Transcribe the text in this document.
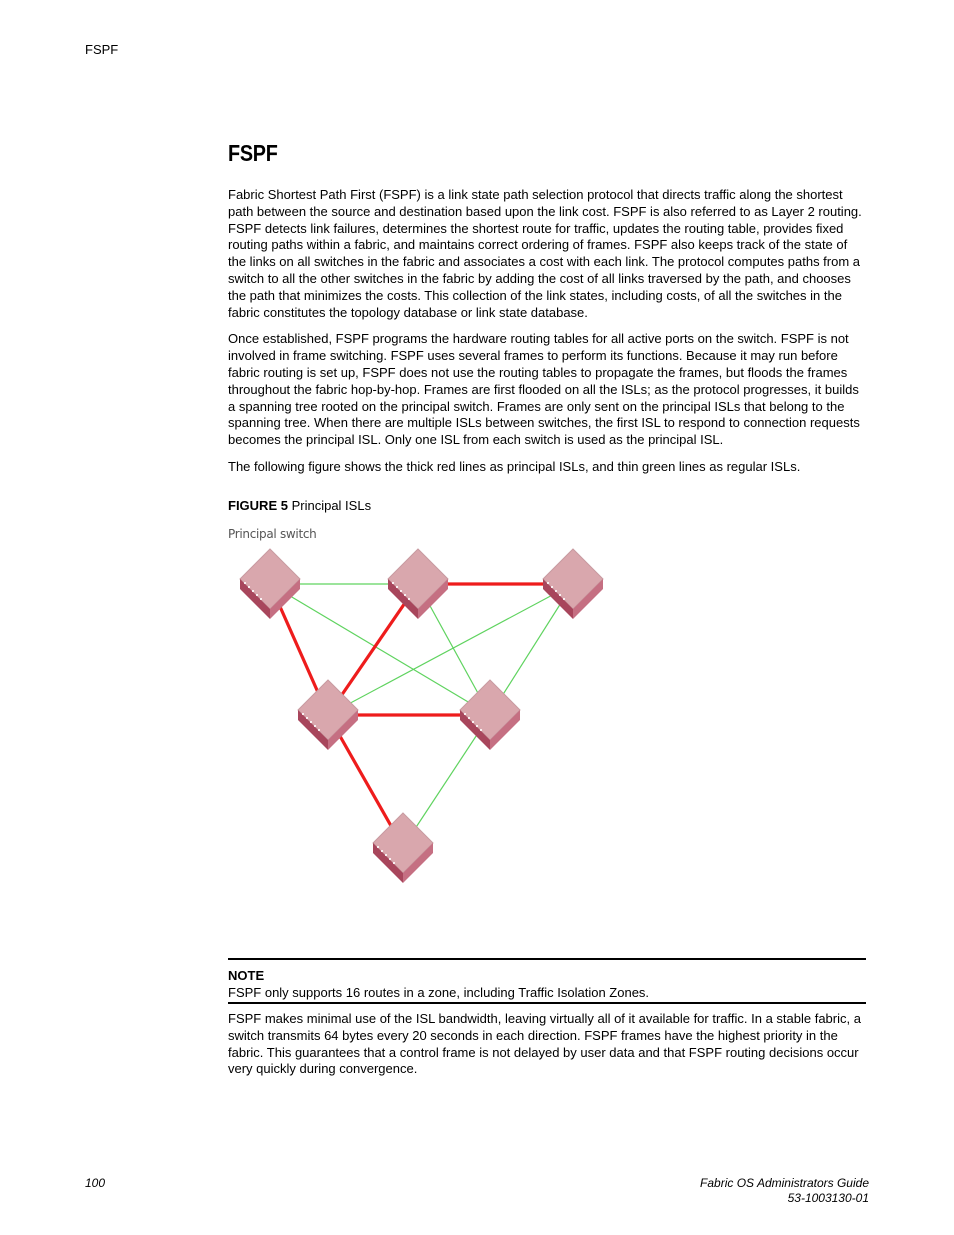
FSPF
FSPF

Fabric Shortest Path First (FSPF) is a link state path selection protocol that directs traffic along the shortest path between the source and destination based upon the link cost. FSPF is also referred to as Layer 2 routing. FSPF detects link failures, determines the shortest route for traffic, updates the routing table, provides fixed routing paths within a fabric, and maintains correct ordering of frames. FSPF also keeps track of the state of the links on all switches in the fabric and associates a cost with each link. The protocol computes paths from a switch to all the other switches in the fabric by adding the cost of all links traversed by the path, and chooses the path that minimizes the costs. This collection of the link states, including costs, of all the switches in the fabric constitutes the topology database or link state database.

Once established, FSPF programs the hardware routing tables for all active ports on the switch. FSPF is not involved in frame switching. FSPF uses several frames to perform its functions. Because it may run before fabric routing is set up, FSPF does not use the routing tables to propagate the frames, but floods the frames throughout the fabric hop-by-hop. Frames are first flooded on all the ISLs; as the protocol progresses, it builds a spanning tree rooted on the principal switch. Frames are only sent on the principal ISLs that belong to the spanning tree. When there are multiple ISLs between switches, the first ISL to respond to connection requests becomes the principal ISL. Only one ISL from each switch is used as the principal ISL.

The following figure shows the thick red lines as principal ISLs, and thin green lines as regular ISLs.

FIGURE 5 Principal ISLs
Principal switch
NOTE
FSPF only supports 16 routes in a zone, including Traffic Isolation Zones.

FSPF makes minimal use of the ISL bandwidth, leaving virtually all of it available for traffic. In a stable fabric, a switch transmits 64 bytes every 20 seconds in each direction. FSPF frames have the highest priority in the fabric. This guarantees that a control frame is not delayed by user data and that FSPF routing decisions occur very quickly during convergence.

100	Fabric OS Administrators Guide
53-1003130-01
